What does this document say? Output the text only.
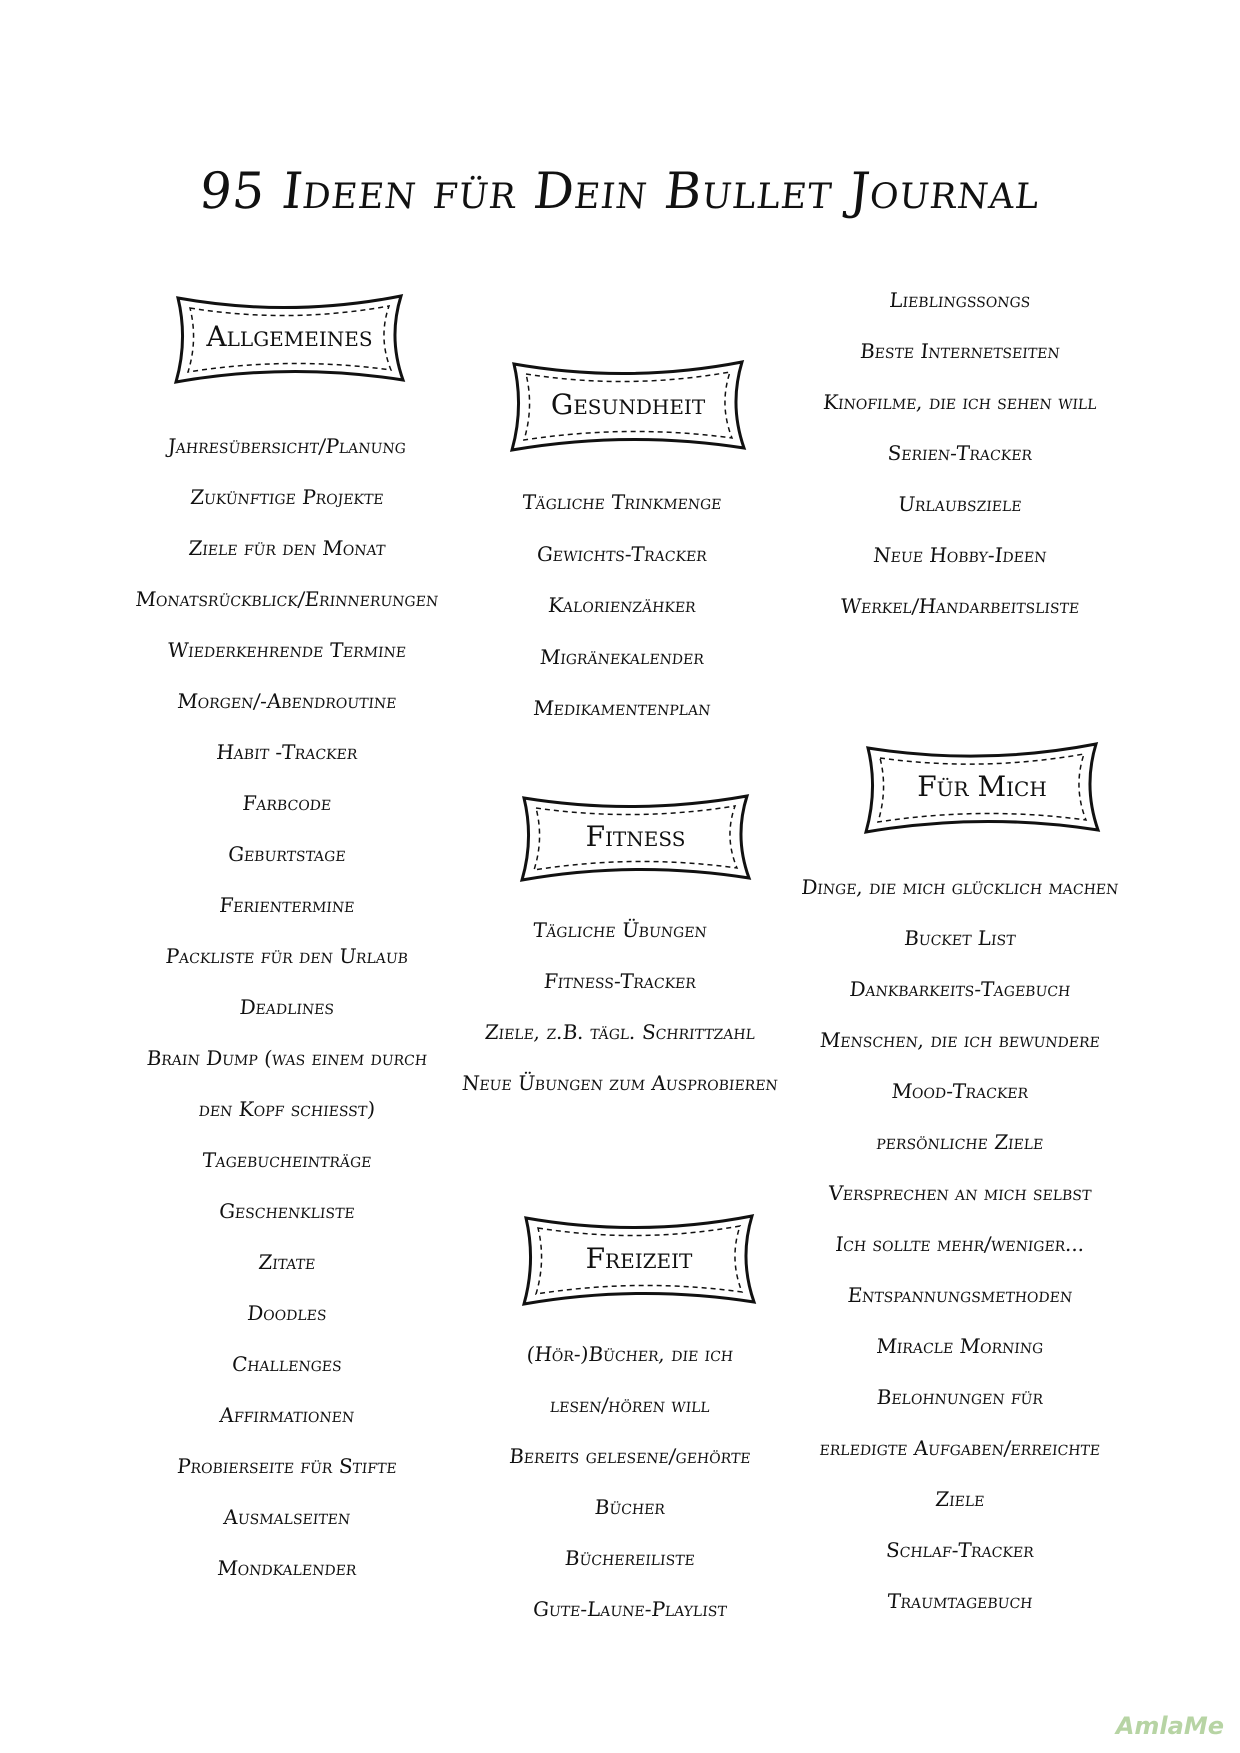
95 Ideen für Dein Bullet Journal
Allgemeines
Gesundheit
Fitness
Freizeit
Für Mich
Jahresübersicht/Planung
Zukünftige Projekte
Ziele für den Monat
Monatsrückblick/Erinnerungen
Wiederkehrende Termine
Morgen/-Abendroutine
Habit -Tracker
Farbcode
Geburtstage
Ferientermine
Packliste für den Urlaub
Deadlines
Brain Dump (was einem durch
den Kopf schiesst)
Tagebucheinträge
Geschenkliste
Zitate
Doodles
Challenges
Affirmationen
Probierseite für Stifte
Ausmalseiten
Mondkalender
Tägliche Trinkmenge
Gewichts-Tracker
Kalorienzähker
Migränekalender
Medikamentenplan
Tägliche Übungen
Fitness-Tracker
Ziele, z.B. tägl. Schrittzahl
Neue Übungen zum Ausprobieren
(Hör-)Bücher, die ich
lesen/hören will
Bereits gelesene/gehörte
Bücher
Büchereiliste
Gute-Laune-Playlist
Lieblingssongs
Beste Internetseiten
Kinofilme, die ich sehen will
Serien-Tracker
Urlaubsziele
Neue Hobby-Ideen
Werkel/Handarbeitsliste
Dinge, die mich glücklich machen
Bucket List
Dankbarkeits-Tagebuch
Menschen, die ich bewundere
Mood-Tracker
persönliche Ziele
Versprechen an mich selbst
Ich sollte mehr/weniger...
Entspannungsmethoden
Miracle Morning
Belohnungen für
erledigte Aufgaben/erreichte
Ziele
Schlaf-Tracker
Traumtagebuch
AmlaMe
